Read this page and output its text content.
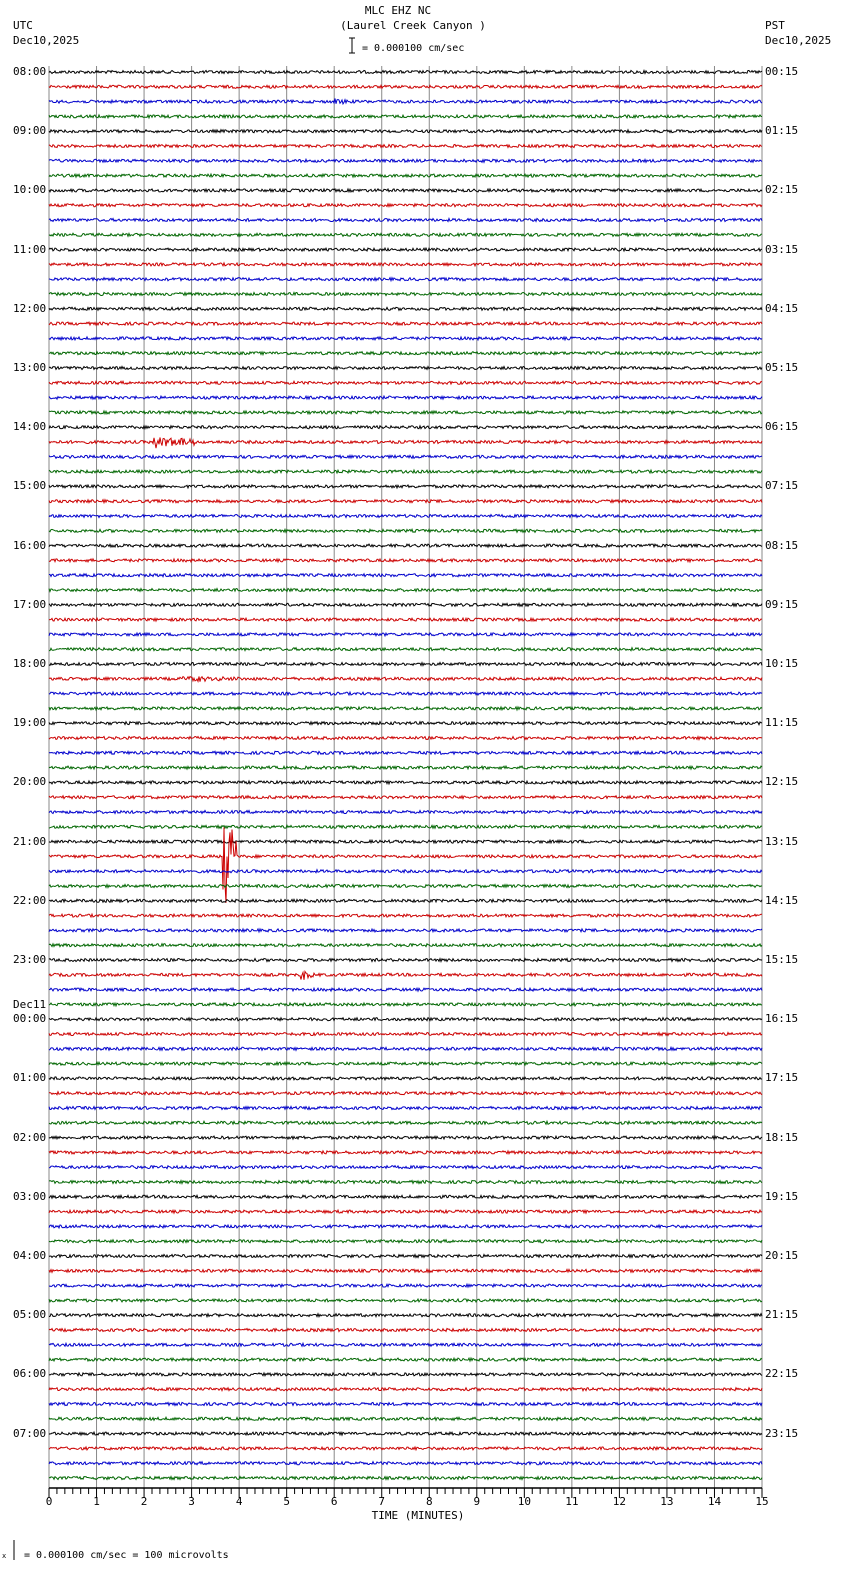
MLC EHZ NC
(Laurel Creek Canyon )
UTC
Dec10,2025
PST
Dec10,2025
= 0.000100 cm/sec
0	1	2	3	4	5	6	7	8	9	10	11	12	13	14	15
08:00
09:00
10:00
11:00
12:00
13:00
14:00
15:00
16:00
17:00
18:00
19:00
20:00
21:00
22:00
23:00
00:00
01:00
02:00
03:00
04:00
05:00
06:00
07:00
00:15
01:15
02:15
03:15
04:15
05:15
06:15
07:15
08:15
09:15
10:15
11:15
12:15
13:15
14:15
15:15
16:15
17:15
18:15
19:15
20:15
21:15
22:15
23:15
Dec11
TIME (MINUTES)
x = 0.000100 cm/sec = 100 microvolts
